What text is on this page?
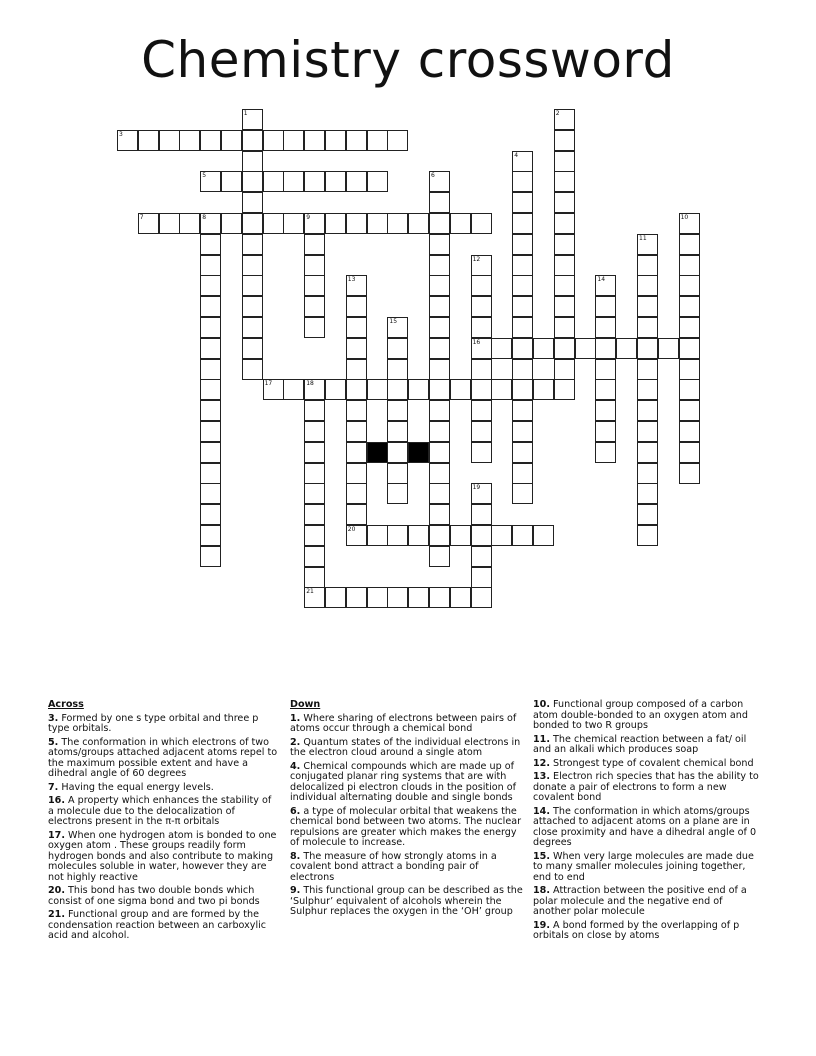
Chemistry crossword
1	2
3
4
5	6
7	8	9	10
11
12
16
13	14
15
17	18
21
19
20
Across
3. Formed by one s type orbital and three p type orbitals.
5. The conformation in which electrons of two atoms/groups attached adjacent atoms repel to the maximum possible extent and have a dihedral angle of 60 degrees
7. Having the equal energy levels.
16. A property which enhances the stability of a molecule due to the delocalization of electrons present in the π-π orbitals
17. When one hydrogen atom is bonded to one oxygen atom . These groups readily form hydrogen bonds and also contribute to making molecules soluble in water, however they are not highly reactive
20. This bond has two double bonds which consist of one sigma bond and two pi bonds
21. Functional group and are formed by the condensation reaction between an carboxylic acid and alcohol.
Down
1. Where sharing of electrons between pairs of atoms occur through a chemical bond
2. Quantum states of the individual electrons in the electron cloud around a single atom
4. Chemical compounds which are made up of conjugated planar ring systems that are with delocalized pi electron clouds in the position of individual alternating double and single bonds
6. a type of molecular orbital that weakens the chemical bond between two atoms. The nuclear repulsions are greater which makes the energy of molecule to increase.
8. The measure of how strongly atoms in a covalent bond attract a bonding pair of electrons
9. This functional group can be described as the ‘Sulphur’ equivalent of alcohols wherein the Sulphur replaces the oxygen in the ‘OH’ group
10. Functional group composed of a carbon atom double-bonded to an oxygen atom and bonded to two R groups
11. The chemical reaction between a fat/ oil and an alkali which produces soap
12. Strongest type of covalent chemical bond
13. Electron rich species that has the ability to donate a pair of electrons to form a new covalent bond
14. The conformation in which atoms/groups attached to adjacent atoms on a plane are in close proximity and have a dihedral angle of 0 degrees
15. When very large molecules are made due to many smaller molecules joining together, end to end
18. Attraction between the positive end of a polar molecule and the negative end of another polar molecule
19. A bond formed by the overlapping of p orbitals on close by atoms
